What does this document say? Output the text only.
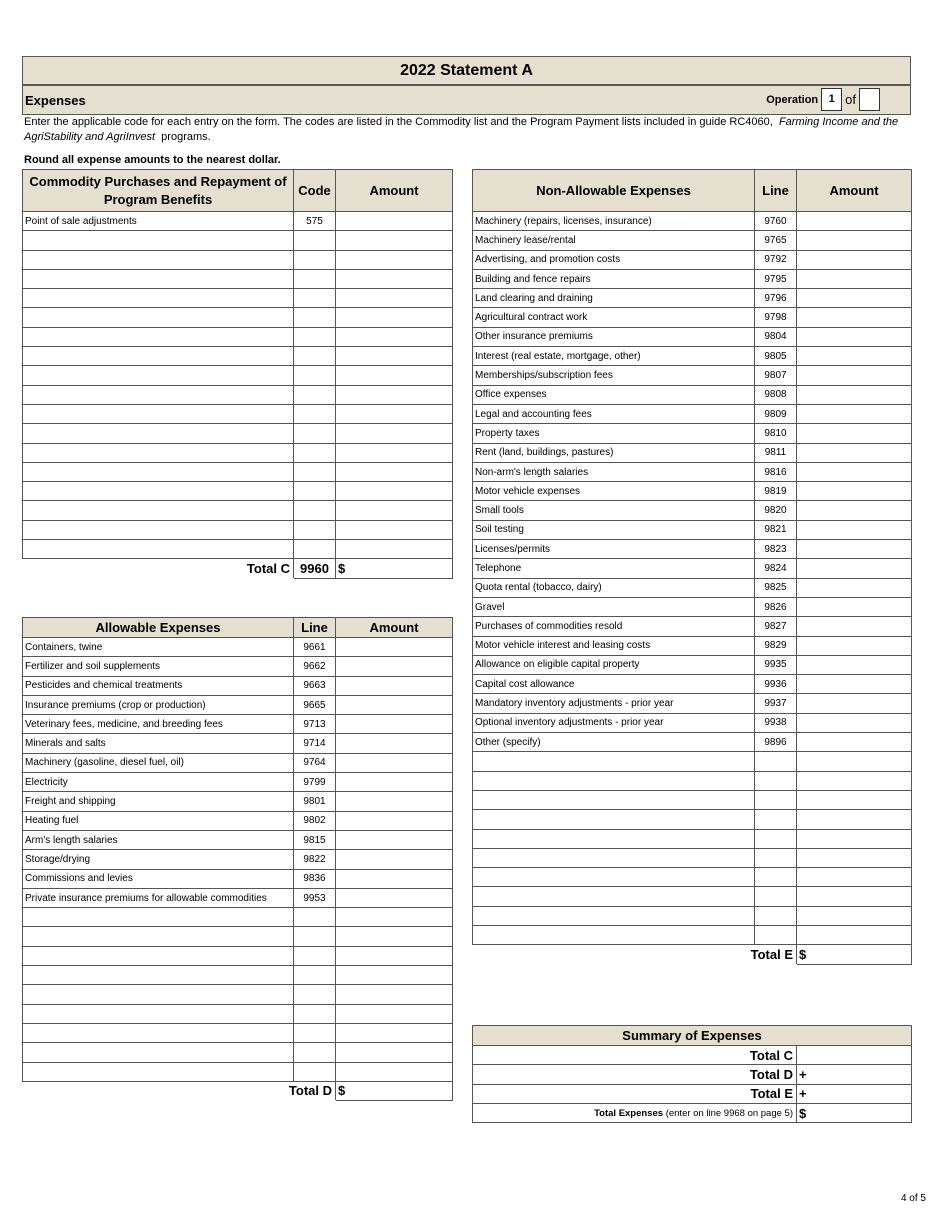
2022 Statement A
Expenses	Operation 1 of
Enter the applicable code for each entry on the form. The codes are listed in the Commodity list and the Program Payment lists included in guide RC4060, Farming Income and the AgriStability and AgriInvest programs.
Round all expense amounts to the nearest dollar.
Commodity Purchases and Repayment of Program Benefits	Code	Amount
Point of sale adjustments	575	

Total C	9960	$
Allowable Expenses	Line	Amount
Containers, twine	9661	
Fertilizer and soil supplements	9662	
Pesticides and chemical treatments	9663	
Insurance premiums (crop or production)	9665	
Veterinary fees, medicine, and breeding fees	9713	
Minerals and salts	9714	
Machinery (gasoline, diesel fuel, oil)	9764	
Electricity	9799	
Freight and shipping	9801	
Heating fuel	9802	
Arm's length salaries	9815	
Storage/drying	9822	
Commissions and levies	9836	
Private insurance premiums for allowable commodities	9953	

Total D		$
Non-Allowable Expenses	Line	Amount
Machinery (repairs, licenses, insurance)	9760	
Machinery lease/rental	9765	
Advertising, and promotion costs	9792	
Building and fence repairs	9795	
Land clearing and draining	9796	
Agricultural contract work	9798	
Other insurance premiums	9804	
Interest (real estate, mortgage, other)	9805	
Memberships/subscription fees	9807	
Office expenses	9808	
Legal and accounting fees	9809	
Property taxes	9810	
Rent (land, buildings, pastures)	9811	
Non-arm's length salaries	9816	
Motor vehicle expenses	9819	
Small tools	9820	
Soil testing	9821	
Licenses/permits	9823	
Telephone	9824	
Quota rental (tobacco, dairy)	9825	
Gravel	9826	
Purchases of commodities resold	9827	
Motor vehicle interest and leasing costs	9829	
Allowance on eligible capital property	9935	
Capital cost allowance	9936	
Mandatory inventory adjustments - prior year	9937	
Optional inventory adjustments - prior year	9938	
Other (specify)	9896	

Total E		$
Summary of Expenses	
Total C	
Total D	+
Total E	+
Total Expenses (enter on line 9968 on page 5)	$
4 of 5
